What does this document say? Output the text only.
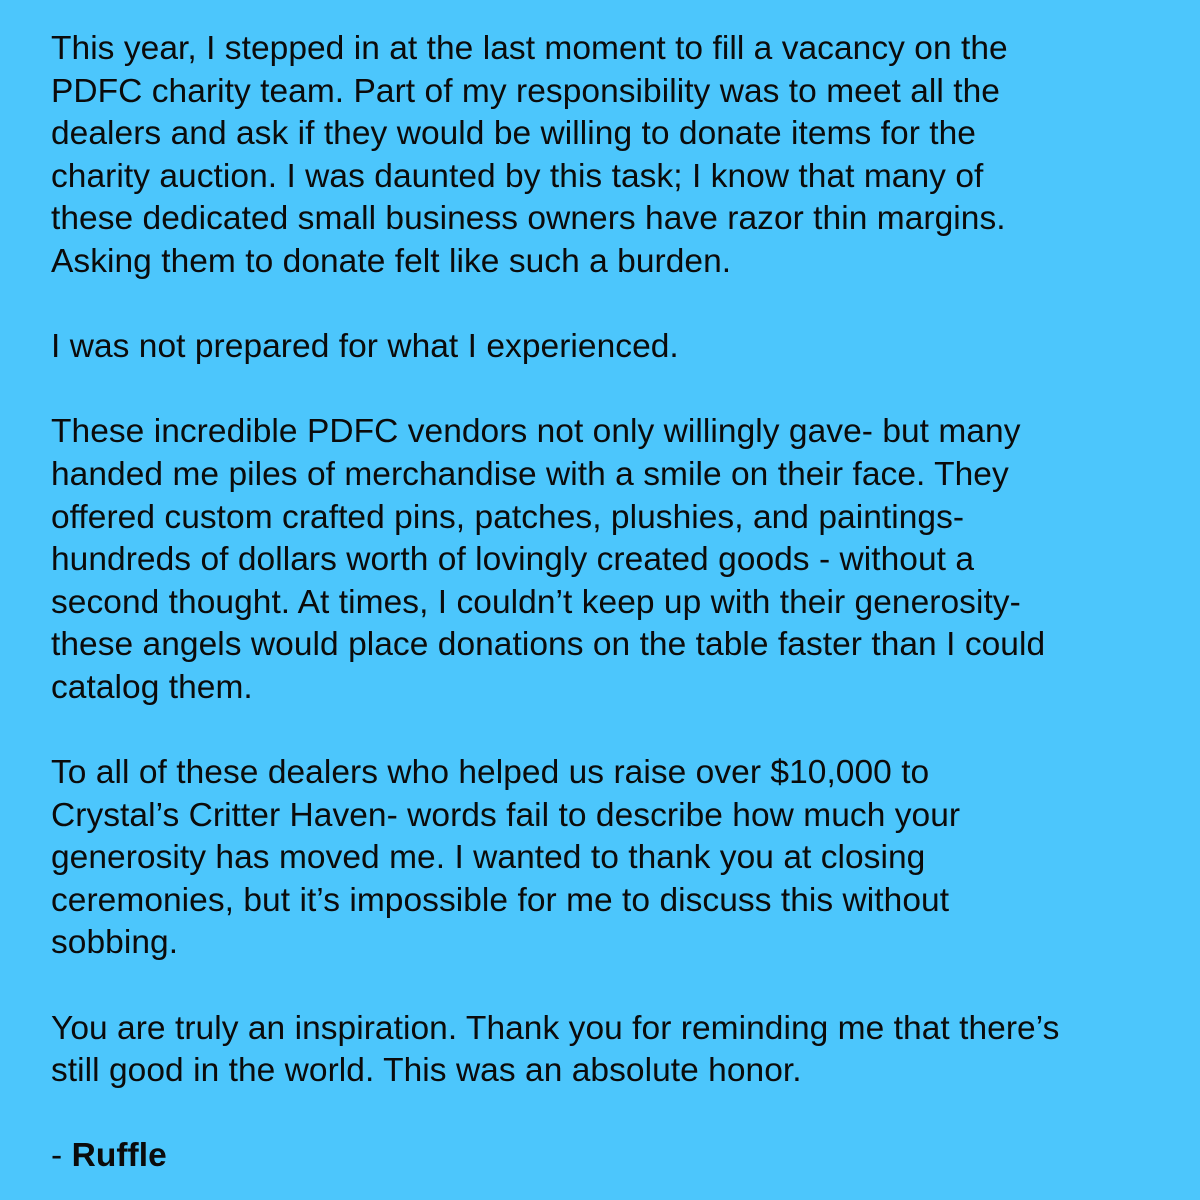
This year, I stepped in at the last moment to fill a vacancy on the
PDFC charity team. Part of my responsibility was to meet all the
dealers and ask if they would be willing to donate items for the
charity auction. I was daunted by this task; I know that many of
these dedicated small business owners have razor thin margins.
Asking them to donate felt like such a burden.
I was not prepared for what I experienced.
These incredible PDFC vendors not only willingly gave- but many
handed me piles of merchandise with a smile on their face. They
offered custom crafted pins, patches, plushies, and paintings-
hundreds of dollars worth of lovingly created goods - without a
second thought. At times, I couldn’t keep up with their generosity-
these angels would place donations on the table faster than I could
catalog them.
To all of these dealers who helped us raise over $10,000 to
Crystal’s Critter Haven- words fail to describe how much your
generosity has moved me. I wanted to thank you at closing
ceremonies, but it’s impossible for me to discuss this without
sobbing.
You are truly an inspiration. Thank you for reminding me that there’s
still good in the world. This was an absolute honor.
- Ruffle
